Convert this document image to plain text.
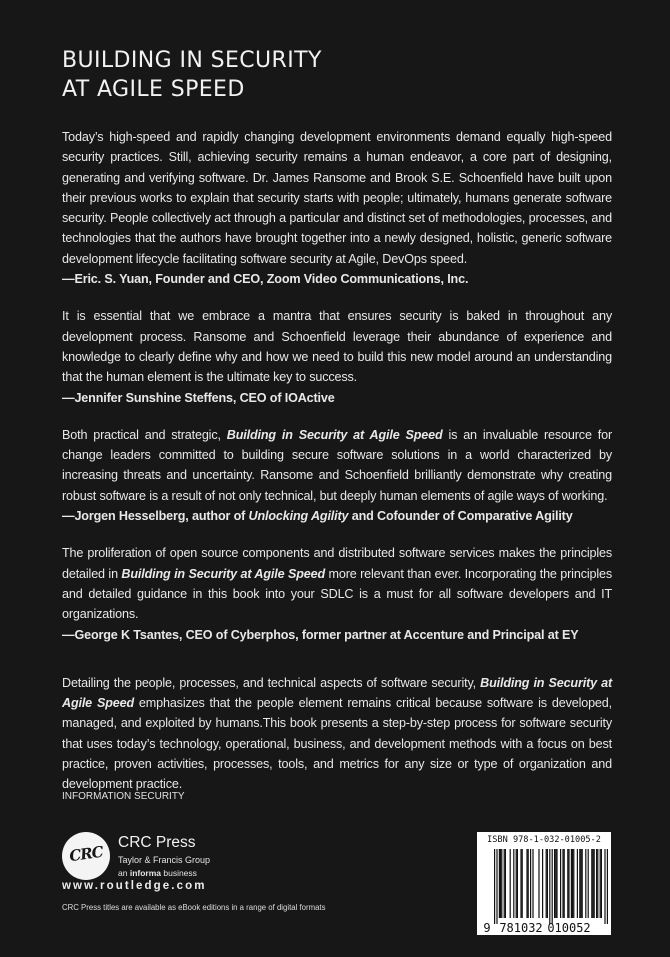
BUILDING IN SECURITY
AT AGILE SPEED

Today’s high-speed and rapidly changing development environments demand equally high-speed security practices. Still, achieving security remains a human endeavor, a core part of designing, generating and verifying software. Dr. James Ransome and Brook S.E. Schoenfield have built upon their previous works to explain that security starts with people; ultimately, humans generate software security. People collectively act through a particular and distinct set of methodologies, processes, and technologies that the authors have brought together into a newly designed, holistic, generic software development lifecycle facilitating software security at Agile, DevOps speed.

—Eric. S. Yuan, Founder and CEO, Zoom Video Communications, Inc.

It is essential that we embrace a mantra that ensures security is baked in throughout any development process. Ransome and Schoenfield leverage their abundance of experience and knowledge to clearly define why and how we need to build this new model around an understanding that the human element is the ultimate key to success.

—Jennifer Sunshine Steffens, CEO of IOActive

Both practical and strategic, Building in Security at Agile Speed is an invaluable resource for change leaders committed to building secure software solutions in a world characterized by increasing threats and uncertainty. Ransome and Schoenfield brilliantly demonstrate why creating robust software is a result of not only technical, but deeply human elements of agile ways of working.

—Jorgen Hesselberg, author of Unlocking Agility and Cofounder of Comparative Agility

The proliferation of open source components and distributed software services makes the principles detailed in Building in Security at Agile Speed more relevant than ever. Incorporating the principles and detailed guidance in this book into your SDLC is a must for all software developers and IT organizations.

—George K Tsantes, CEO of Cyberphos, former partner at Accenture and Principal at EY

Detailing the people, processes, and technical aspects of software security, Building in Security at Agile Speed emphasizes that the people element remains critical because software is developed, managed, and exploited by humans.This book presents a step-by-step process for software security that uses today’s technology, operational, business, and development methods with a focus on best practice, proven activities, processes, tools, and metrics for any size or type of organization and development practice.

INFORMATION SECURITY
CRC
CRC Press
Taylor & Francis Group
an informa business
www.routledge.com
CRC Press titles are available as eBook editions in a range of digital formats
ISBN 978-1-032-01005-2
9 781032 010052
